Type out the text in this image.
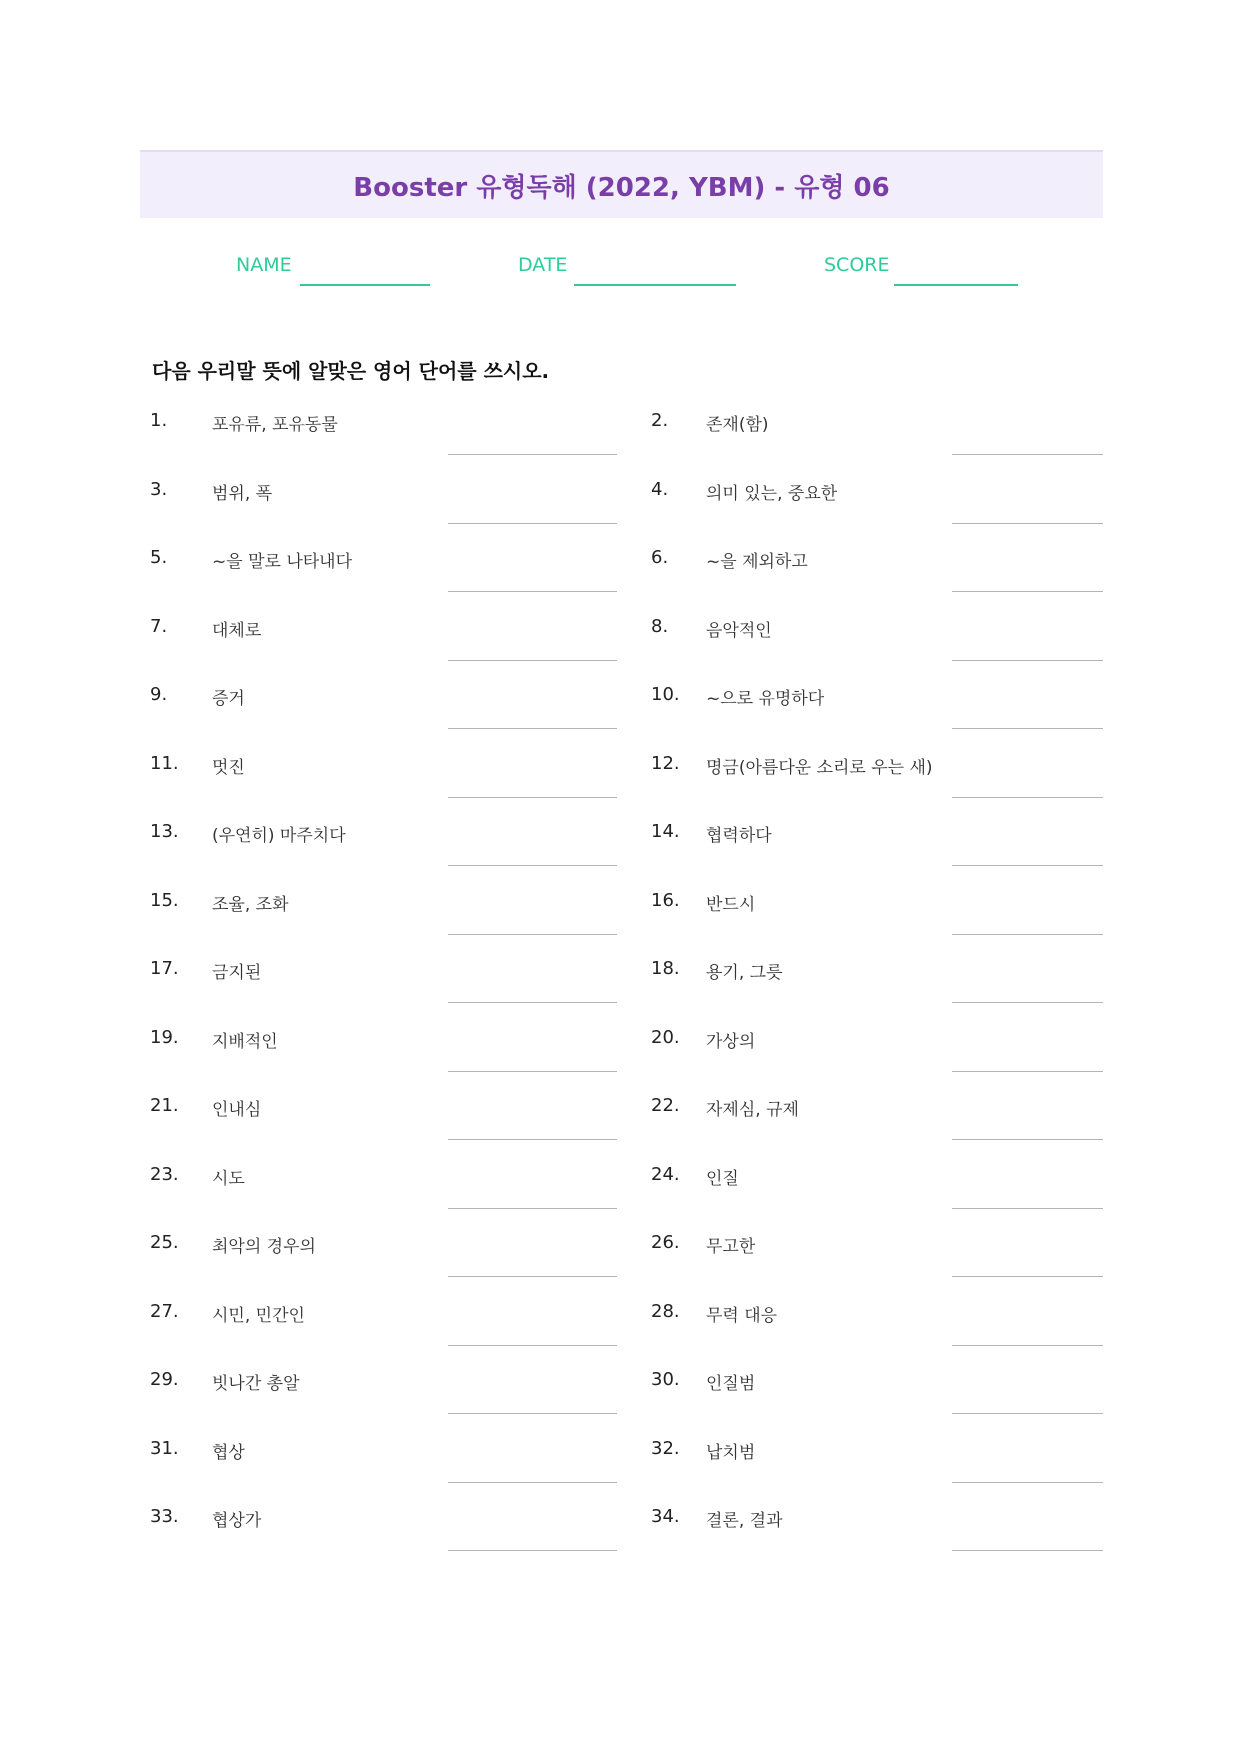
Booster 유형독해 (2022, YBM) - 유형 06
NAME	DATE	SCORE
다음 우리말 뜻에 알맞은 영어 단어를 쓰시오.
1.	포유류, 포유동물	2. 존재(함)
3.	범위, 폭	4. 의미 있는, 중요한
5.	~을 말로 나타내다	6. ~을 제외하고
7.	대체로	8. 음악적인
9.	증거	10. ~으로 유명하다
11. 멋진	12. 명금(아름다운 소리로 우는 새)
13. (우연히) 마주치다	14. 협력하다
15. 조율, 조화	16. 반드시
17. 금지된	18. 용기, 그릇
19. 지배적인	20. 가상의
21. 인내심	22. 자제심, 규제
23. 시도	24. 인질
25. 최악의 경우의	26. 무고한
27. 시민, 민간인	28. 무력 대응
29. 빗나간 총알	30. 인질범
31. 협상	32. 납치범
33. 협상가	34. 결론, 결과
